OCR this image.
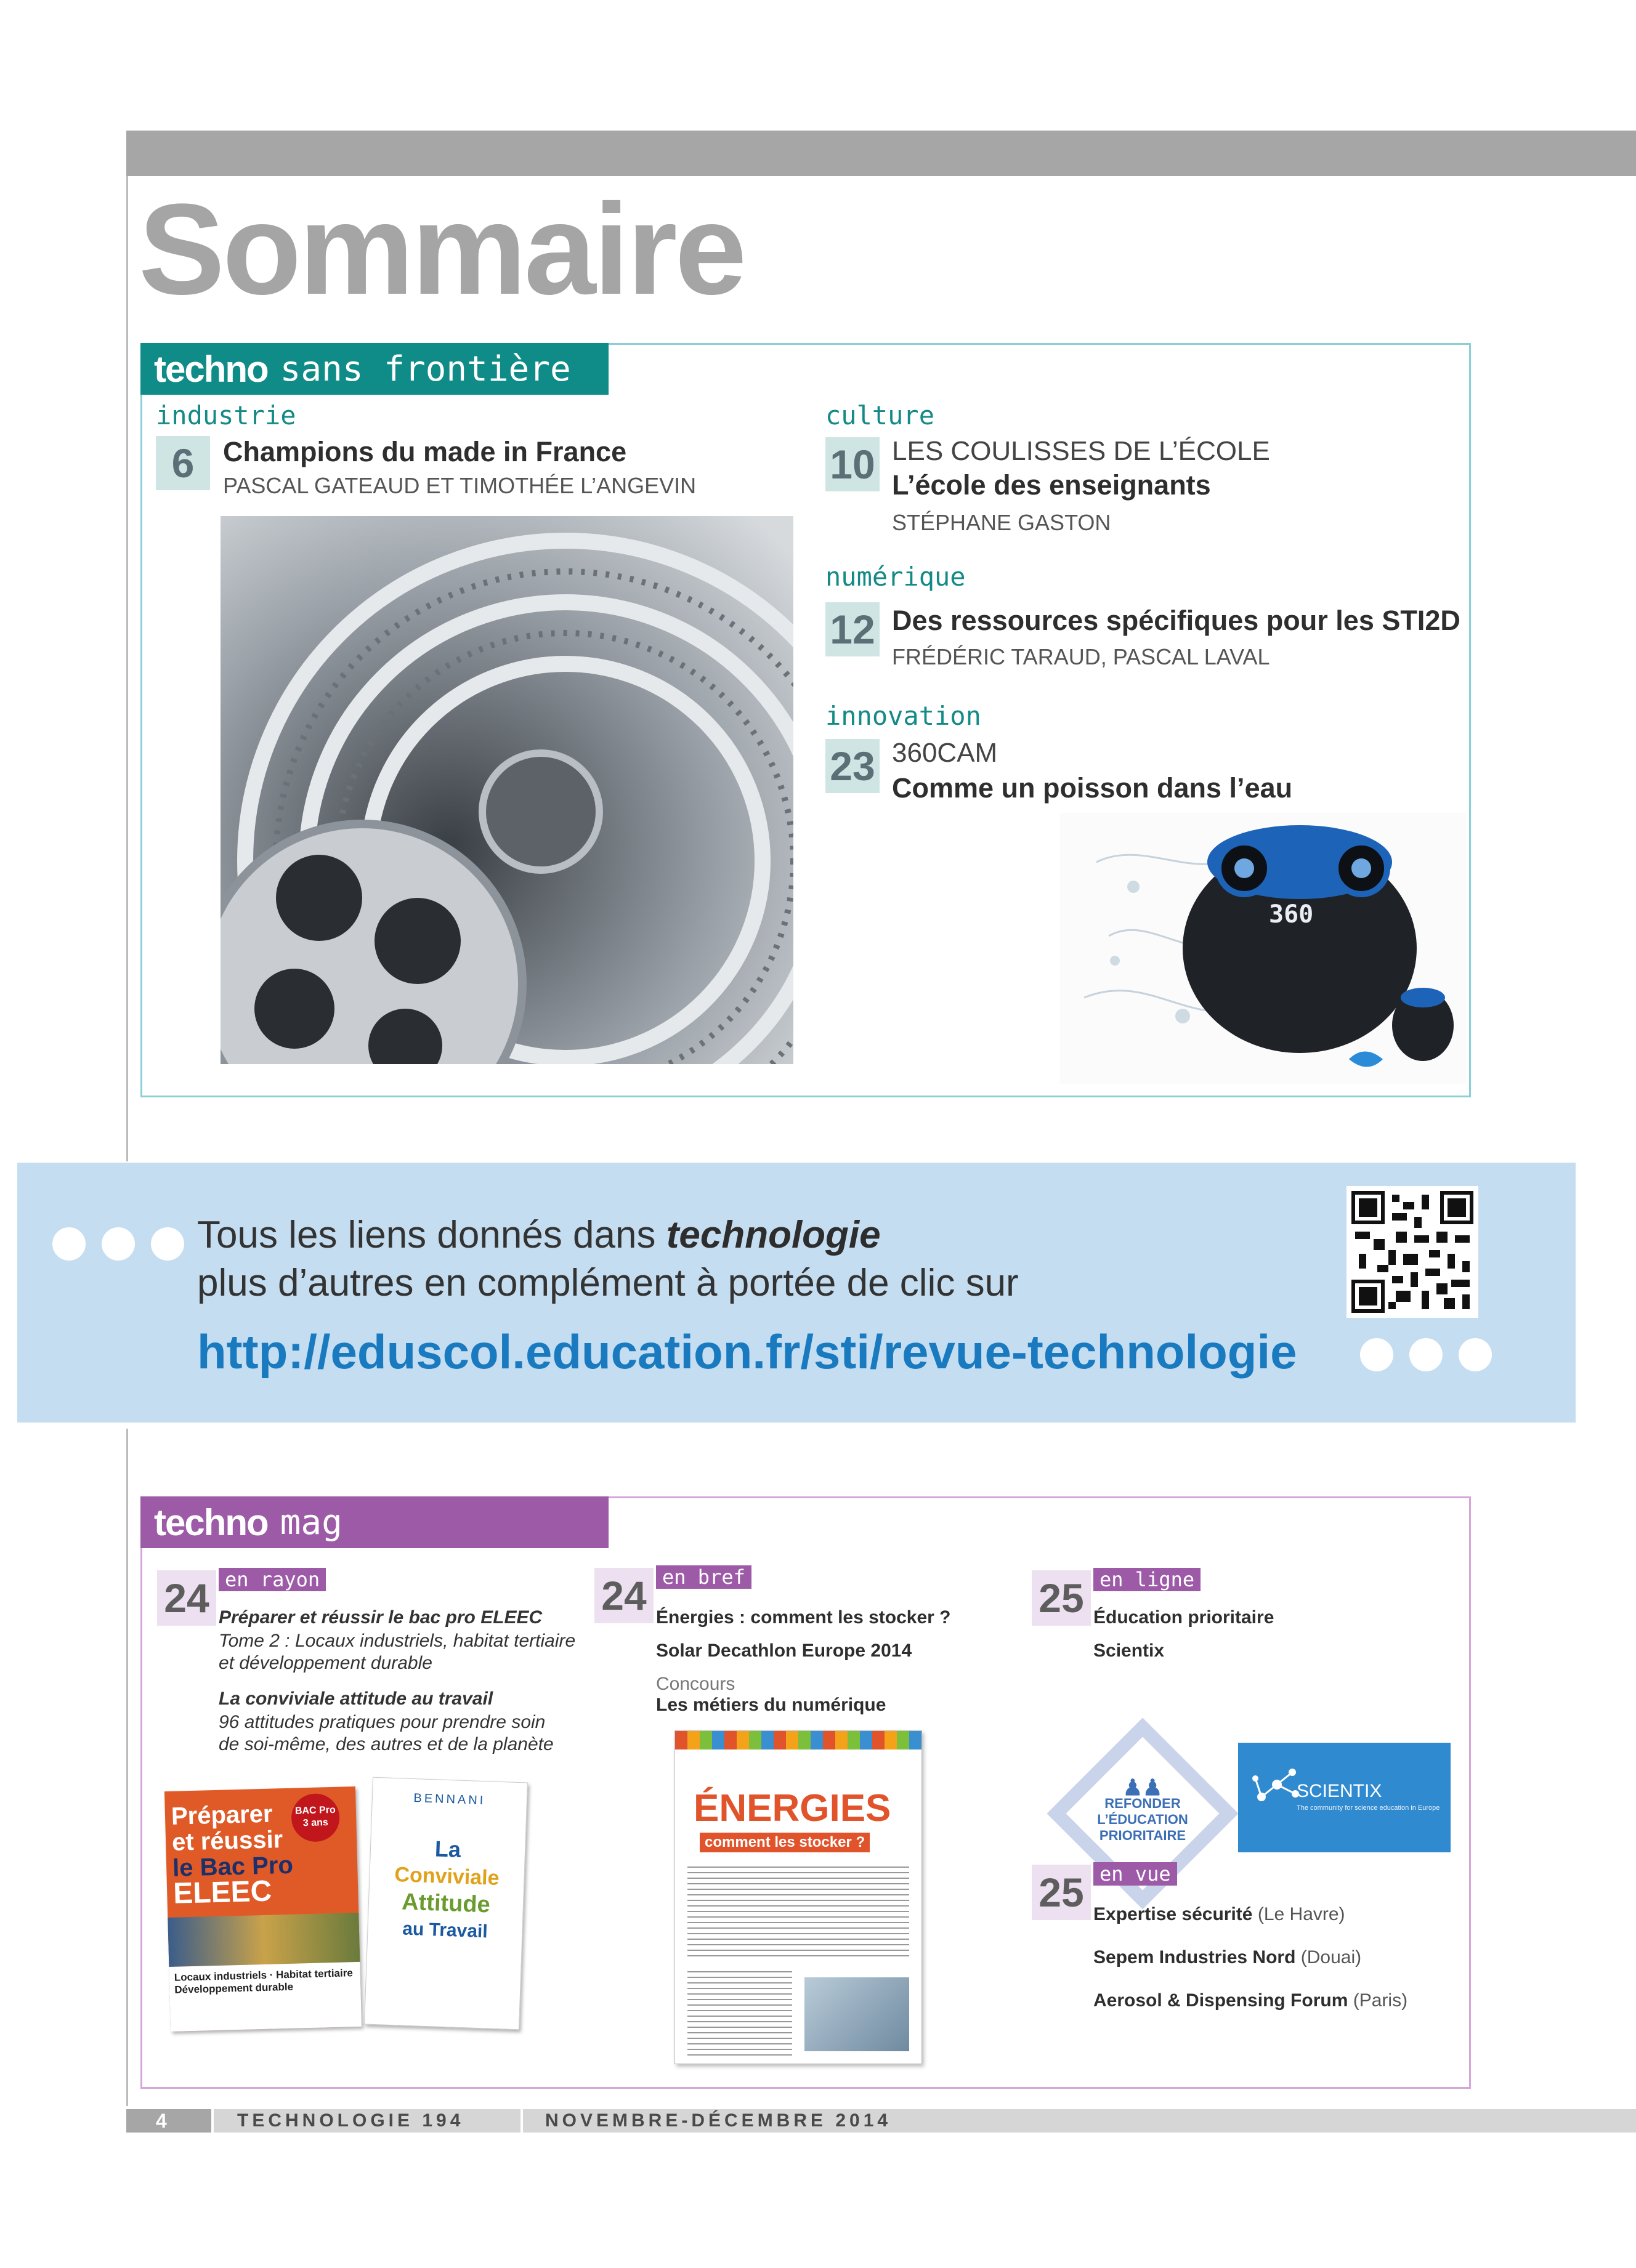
Sommaire
techno sans frontière
industrie
6	Champions du made in France
PASCAL GATEAUD ET TIMOTHÉE L’ANGEVIN
culture
10 LES COULISSES DE L’ÉCOLE
L’école des enseignants
STÉPHANE GASTON
numérique
12 Des ressources spécifiques pour les STI2D
FRÉDÉRIC TARAUD, PASCAL LAVAL
innovation
23 360CAM
Comme un poisson dans l’eau
360
Tous les liens donnés dans technologie
plus d’autres en complément à portée de clic sur
http://eduscol.education.fr/sti/revue-technologie
techno mag
24 en rayon
Préparer et réussir le bac pro ELEEC
Tome 2 : Locaux industriels, habitat tertiaire
et développement durable
La conviviale attitude au travail
96 attitudes pratiques pour prendre soin
de soi-même, des autres et de la planète
Préparer
et réussir
le Bac Pro
ELEEC
BAC Pro 3 ans
Locaux industriels · Habitat tertiaire Développement durable
BENNANI
La
Conviviale
Attitude
au Travail
24 en bref
Énergies : comment les stocker ?
Solar Decathlon Europe 2014
Concours
Les métiers du numérique
ÉNERGIES
comment les stocker ?
25 en ligne
Éducation prioritaire
Scientix
♟♟
REFONDER
L’ÉDUCATION
PRIORITAIRE
SCIENTIX
The community for science education in Europe
25 en vue
Expertise sécurité (Le Havre)
Sepem Industries Nord (Douai)
Aerosol & Dispensing Forum (Paris)
4	TECHNOLOGIE 194	NOVEMBRE-DÉCEMBRE 2014
